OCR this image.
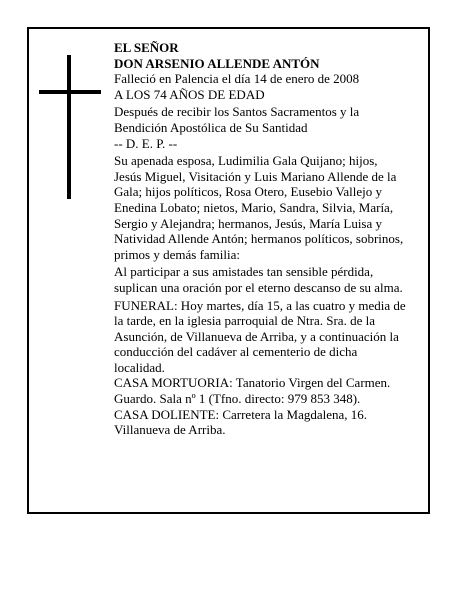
EL SEÑOR
DON ARSENIO ALLENDE ANTÓN
Falleció en Palencia el día 14 de enero de 2008
A LOS 74 AÑOS DE EDAD
Después de recibir los Santos Sacramentos y la
Bendición Apostólica de Su Santidad
-- D. E. P. --
Su apenada esposa, Ludimilia Gala Quijano; hijos,
Jesús Miguel, Visitación y Luis Mariano Allende de la
Gala; hijos políticos, Rosa Otero, Eusebio Vallejo y
Enedina Lobato; nietos, Mario, Sandra, Silvia, María,
Sergio y Alejandra; hermanos, Jesús, María Luisa y
Natividad Allende Antón; hermanos políticos, sobrinos,
primos y demás familia:
Al participar a sus amistades tan sensible pérdida,
suplican una oración por el eterno descanso de su alma.
FUNERAL: Hoy martes, día 15, a las cuatro y media de
la tarde, en la iglesia parroquial de Ntra. Sra. de la
Asunción, de Villanueva de Arriba, y a continuación la
conducción del cadáver al cementerio de dicha
localidad.
CASA MORTUORIA: Tanatorio Virgen del Carmen.
Guardo. Sala nº 1 (Tfno. directo: 979 853 348).
CASA DOLIENTE: Carretera la Magdalena, 16.
Villanueva de Arriba.
